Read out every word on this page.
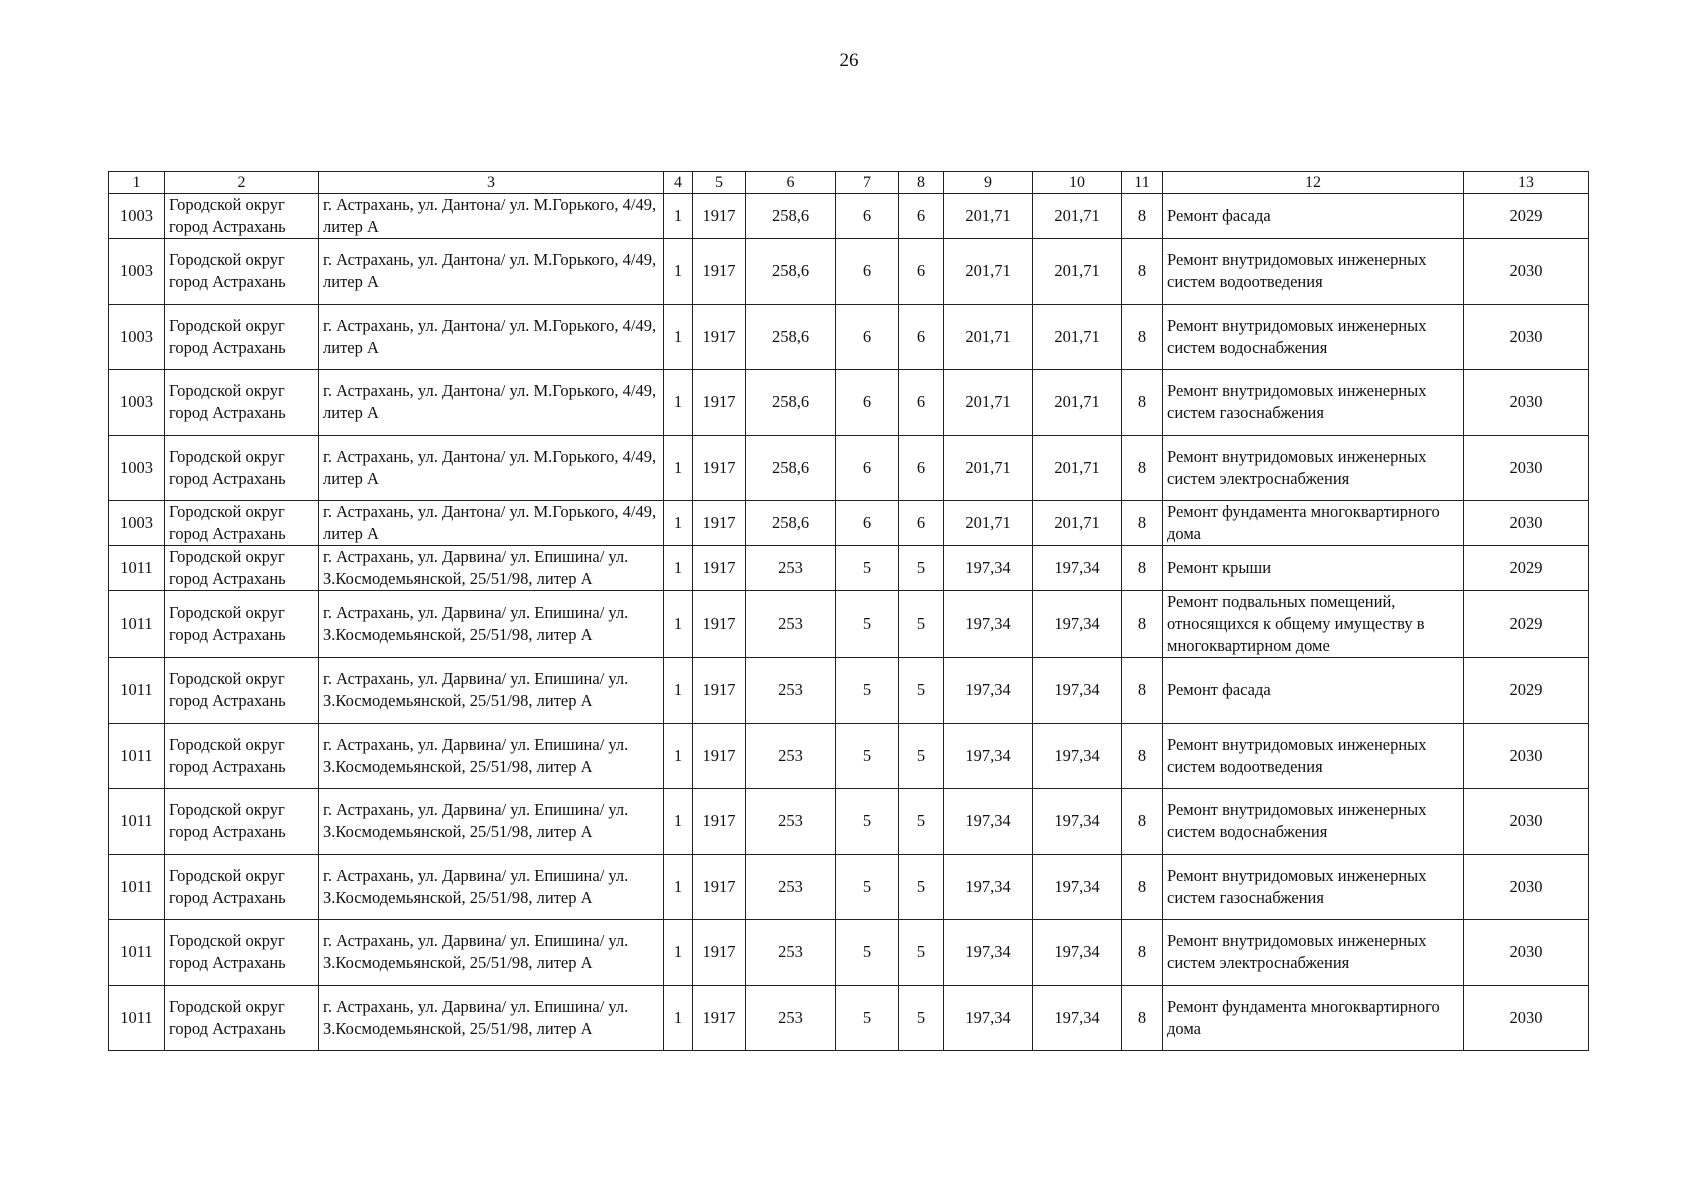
26
1	2	3	4	5	6	7	8	9	10	11	12	13
1003	Городской округ город Астрахань	г. Астрахань, ул. Дантона/ ул. М.Горького, 4/49, литер А	1	1917	258,6	6	6	201,71	201,71	8	Ремонт фасада	2029
1003	Городской округ город Астрахань	г. Астрахань, ул. Дантона/ ул. М.Горького, 4/49, литер А	1	1917	258,6	6	6	201,71	201,71	8	Ремонт внутридомовых инженерных систем водоотведения	2030
1003	Городской округ город Астрахань	г. Астрахань, ул. Дантона/ ул. М.Горького, 4/49, литер А	1	1917	258,6	6	6	201,71	201,71	8	Ремонт внутридомовых инженерных систем водоснабжения	2030
1003	Городской округ город Астрахань	г. Астрахань, ул. Дантона/ ул. М.Горького, 4/49, литер А	1	1917	258,6	6	6	201,71	201,71	8	Ремонт внутридомовых инженерных систем газоснабжения	2030
1003	Городской округ город Астрахань	г. Астрахань, ул. Дантона/ ул. М.Горького, 4/49, литер А	1	1917	258,6	6	6	201,71	201,71	8	Ремонт внутридомовых инженерных систем электроснабжения	2030
1003	Городской округ город Астрахань	г. Астрахань, ул. Дантона/ ул. М.Горького, 4/49, литер А	1	1917	258,6	6	6	201,71	201,71	8	Ремонт фундамента многоквартирного дома	2030
1011	Городской округ город Астрахань	г. Астрахань, ул. Дарвина/ ул. Епишина/ ул. З.Космодемьянской, 25/51/98, литер А	1	1917	253	5	5	197,34	197,34	8	Ремонт крыши	2029
1011	Городской округ город Астрахань	г. Астрахань, ул. Дарвина/ ул. Епишина/ ул. З.Космодемьянской, 25/51/98, литер А	1	1917	253	5	5	197,34	197,34	8	Ремонт подвальных помещений, относящихся к общему имуществу в многоквартирном доме	2029
1011	Городской округ город Астрахань	г. Астрахань, ул. Дарвина/ ул. Епишина/ ул. З.Космодемьянской, 25/51/98, литер А	1	1917	253	5	5	197,34	197,34	8	Ремонт фасада	2029
1011	Городской округ город Астрахань	г. Астрахань, ул. Дарвина/ ул. Епишина/ ул. З.Космодемьянской, 25/51/98, литер А	1	1917	253	5	5	197,34	197,34	8	Ремонт внутридомовых инженерных систем водоотведения	2030
1011	Городской округ город Астрахань	г. Астрахань, ул. Дарвина/ ул. Епишина/ ул. З.Космодемьянской, 25/51/98, литер А	1	1917	253	5	5	197,34	197,34	8	Ремонт внутридомовых инженерных систем водоснабжения	2030
1011	Городской округ город Астрахань	г. Астрахань, ул. Дарвина/ ул. Епишина/ ул. З.Космодемьянской, 25/51/98, литер А	1	1917	253	5	5	197,34	197,34	8	Ремонт внутридомовых инженерных систем газоснабжения	2030
1011	Городской округ город Астрахань	г. Астрахань, ул. Дарвина/ ул. Епишина/ ул. З.Космодемьянской, 25/51/98, литер А	1	1917	253	5	5	197,34	197,34	8	Ремонт внутридомовых инженерных систем электроснабжения	2030
1011	Городской округ город Астрахань	г. Астрахань, ул. Дарвина/ ул. Епишина/ ул. З.Космодемьянской, 25/51/98, литер А	1	1917	253	5	5	197,34	197,34	8	Ремонт фундамента многоквартирного дома	2030
